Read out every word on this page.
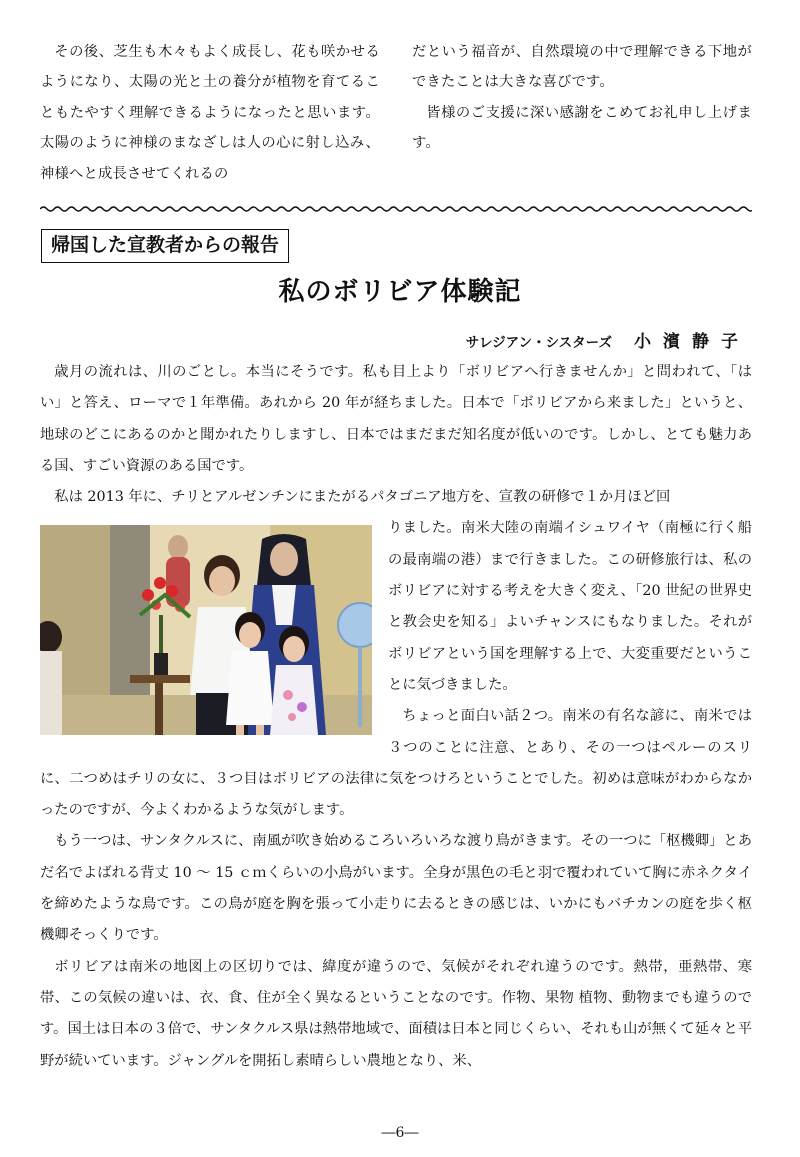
その後、芝生も木々もよく成長し、花も咲かせるようになり、太陽の光と土の養分が植物を育てることもたやすく理解できるようになったと思います。太陽のように神様のまなざしは人の心に射し込み、神様へと成長させてくれるの

だという福音が、自然環境の中で理解できる下地ができたことは大きな喜びです。

皆様のご支援に深い感謝をこめてお礼申し上げます。

帰国した宣教者からの報告
私のボリビア体験記
サレジアン・シスターズ 小濱静子

歳月の流れは、川のごとし。本当にそうです。私も目上より「ボリビアへ行きませんか」と問われて、「はい」と答え、ローマで１年準備。あれから 20 年が経ちました。日本で「ボリビアから来ました」というと、地球のどこにあるのかと聞かれたりしますし、日本ではまだまだ知名度が低いのです。しかし、とても魅力ある国、すごい資源のある国です。

私は 2013 年に、チリとアルゼンチンにまたがるパタゴニア地方を、宣教の研修で１か月ほど回

りました。南米大陸の南端イシュワイヤ（南極に行く船の最南端の港）まで行きました。この研修旅行は、私のボリビアに対する考えを大きく変え、「20 世紀の世界史と教会史を知る」よいチャンスにもなりました。それがボリビアという国を理解する上で、大変重要だということに気づきました。

ちょっと面白い話２つ。南米の有名な諺に、南米では３つのことに注意、とあり、その一つはペルーのスリに、二つめはチリの女に、３つ目はボリビアの法律に気をつけろということでした。初めは意味がわからなかったのですが、今よくわかるような気がします。

もう一つは、サンタクルスに、南風が吹き始めるころいろいろな渡り鳥がきます。その一つに「枢機卿」とあだ名でよばれる背丈 10 ～ 15 ｃｍくらいの小鳥がいます。全身が黒色の毛と羽で覆われていて胸に赤ネクタイを締めたような鳥です。この鳥が庭を胸を張って小走りに去るときの感じは、いかにもバチカンの庭を歩く枢機卿そっくりです。

ボリビアは南米の地図上の区切りでは、緯度が違うので、気候がそれぞれ違うのです。熱帯，亜熱帯、寒帯、この気候の違いは、衣、食、住が全く異なるということなのです。作物、果物 植物、動物までも違うのです。国土は日本の３倍で、サンタクルス県は熱帯地域で、面積は日本と同じくらい、それも山が無くて延々と平野が続いています。ジャングルを開拓し素晴らしい農地となり、米、

―6―
